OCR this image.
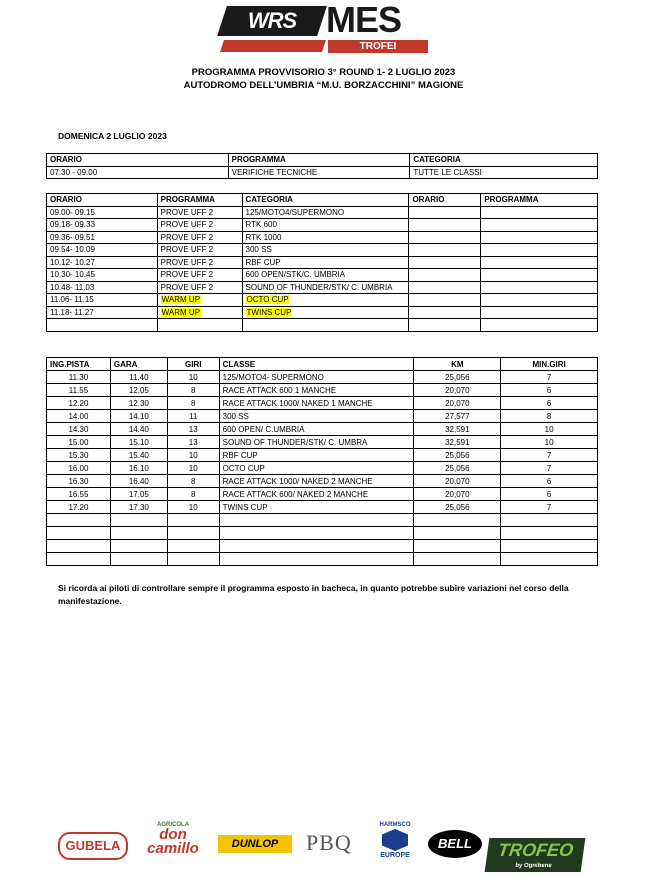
WRS MES
TROFEI MOTOESTATE
PROGRAMMA PROVVISORIO 3° ROUND 1- 2 LUGLIO 2023
AUTODROMO DELL’UMBRIA “M.U. BORZACCHINI” MAGIONE
DOMENICA 2 LUGLIO 2023
ORARIO	PROGRAMMA	CATEGORIA
07.30 - 09.00	VERIFICHE TECNICHE	TUTTE LE CLASSI
ORARIO	PROGRAMMA	CATEGORIA	ORARIO	PROGRAMMA
09.00- 09.15	PROVE UFF 2	125/MOTO4/SUPERMONO		
09.18- 09.33	PROVE UFF 2	RTK 600		
09.36- 09.51	PROVE UFF 2	RTK 1000		
09.54- 10.09	PROVE UFF 2	300 SS		
10.12- 10.27	PROVE UFF 2	RBF CUP		
10.30- 10.45	PROVE UFF 2	600 OPEN/STK/C. UMBRIA		
10.48- 11.03	PROVE UFF 2	SOUND OF THUNDER/STK/ C. UMBRIA		
11.06- 11.15	WARM UP	OCTO CUP		
11.18- 11.27	WARM UP	TWINS CUP		

ING.PISTA	GARA	GIRI	CLASSE	KM	MIN.GIRI
11.30	11.40	10	125/MOTO4- SUPERMONO	25,056	7
11.55	12.05	8	RACE ATTACK 600 1 MANCHE	20,070	6
12.20	12.30	8	RACE ATTACK 1000/ NAKED 1 MANCHE	20,070	6
14.00	14.10	11	300 SS	27,577	8
14.30	14.40	13	600 OPEN/ C.UMBRIA	32,591	10
15.00	15.10	13	SOUND OF THUNDER/STK/ C. UMBRA	32,591	10
15.30	15.40	10	RBF CUP	25,056	7
16.00	16.10	10	OCTO CUP	25,056	7
16.30	16.40	8	RACE ATTACK 1000/ NAKED 2 MANCHE	20,070	6
16.55	17.05	8	RACE ATTACK 600/ NAKED 2 MANCHE	20,070	6
17.20	17.30	10	TWINS CUP	25,056	7

Si ricorda ai piloti di controllare sempre il programma esposto in bacheca, in quanto potrebbe subire variazioni nel corso della manifestazione.
GUBELA
AGRICOLA
don
camillo	DUNLOP	PBQ
HARMSCO
EUROPE
BELL	TROFEO
by Ognibene
